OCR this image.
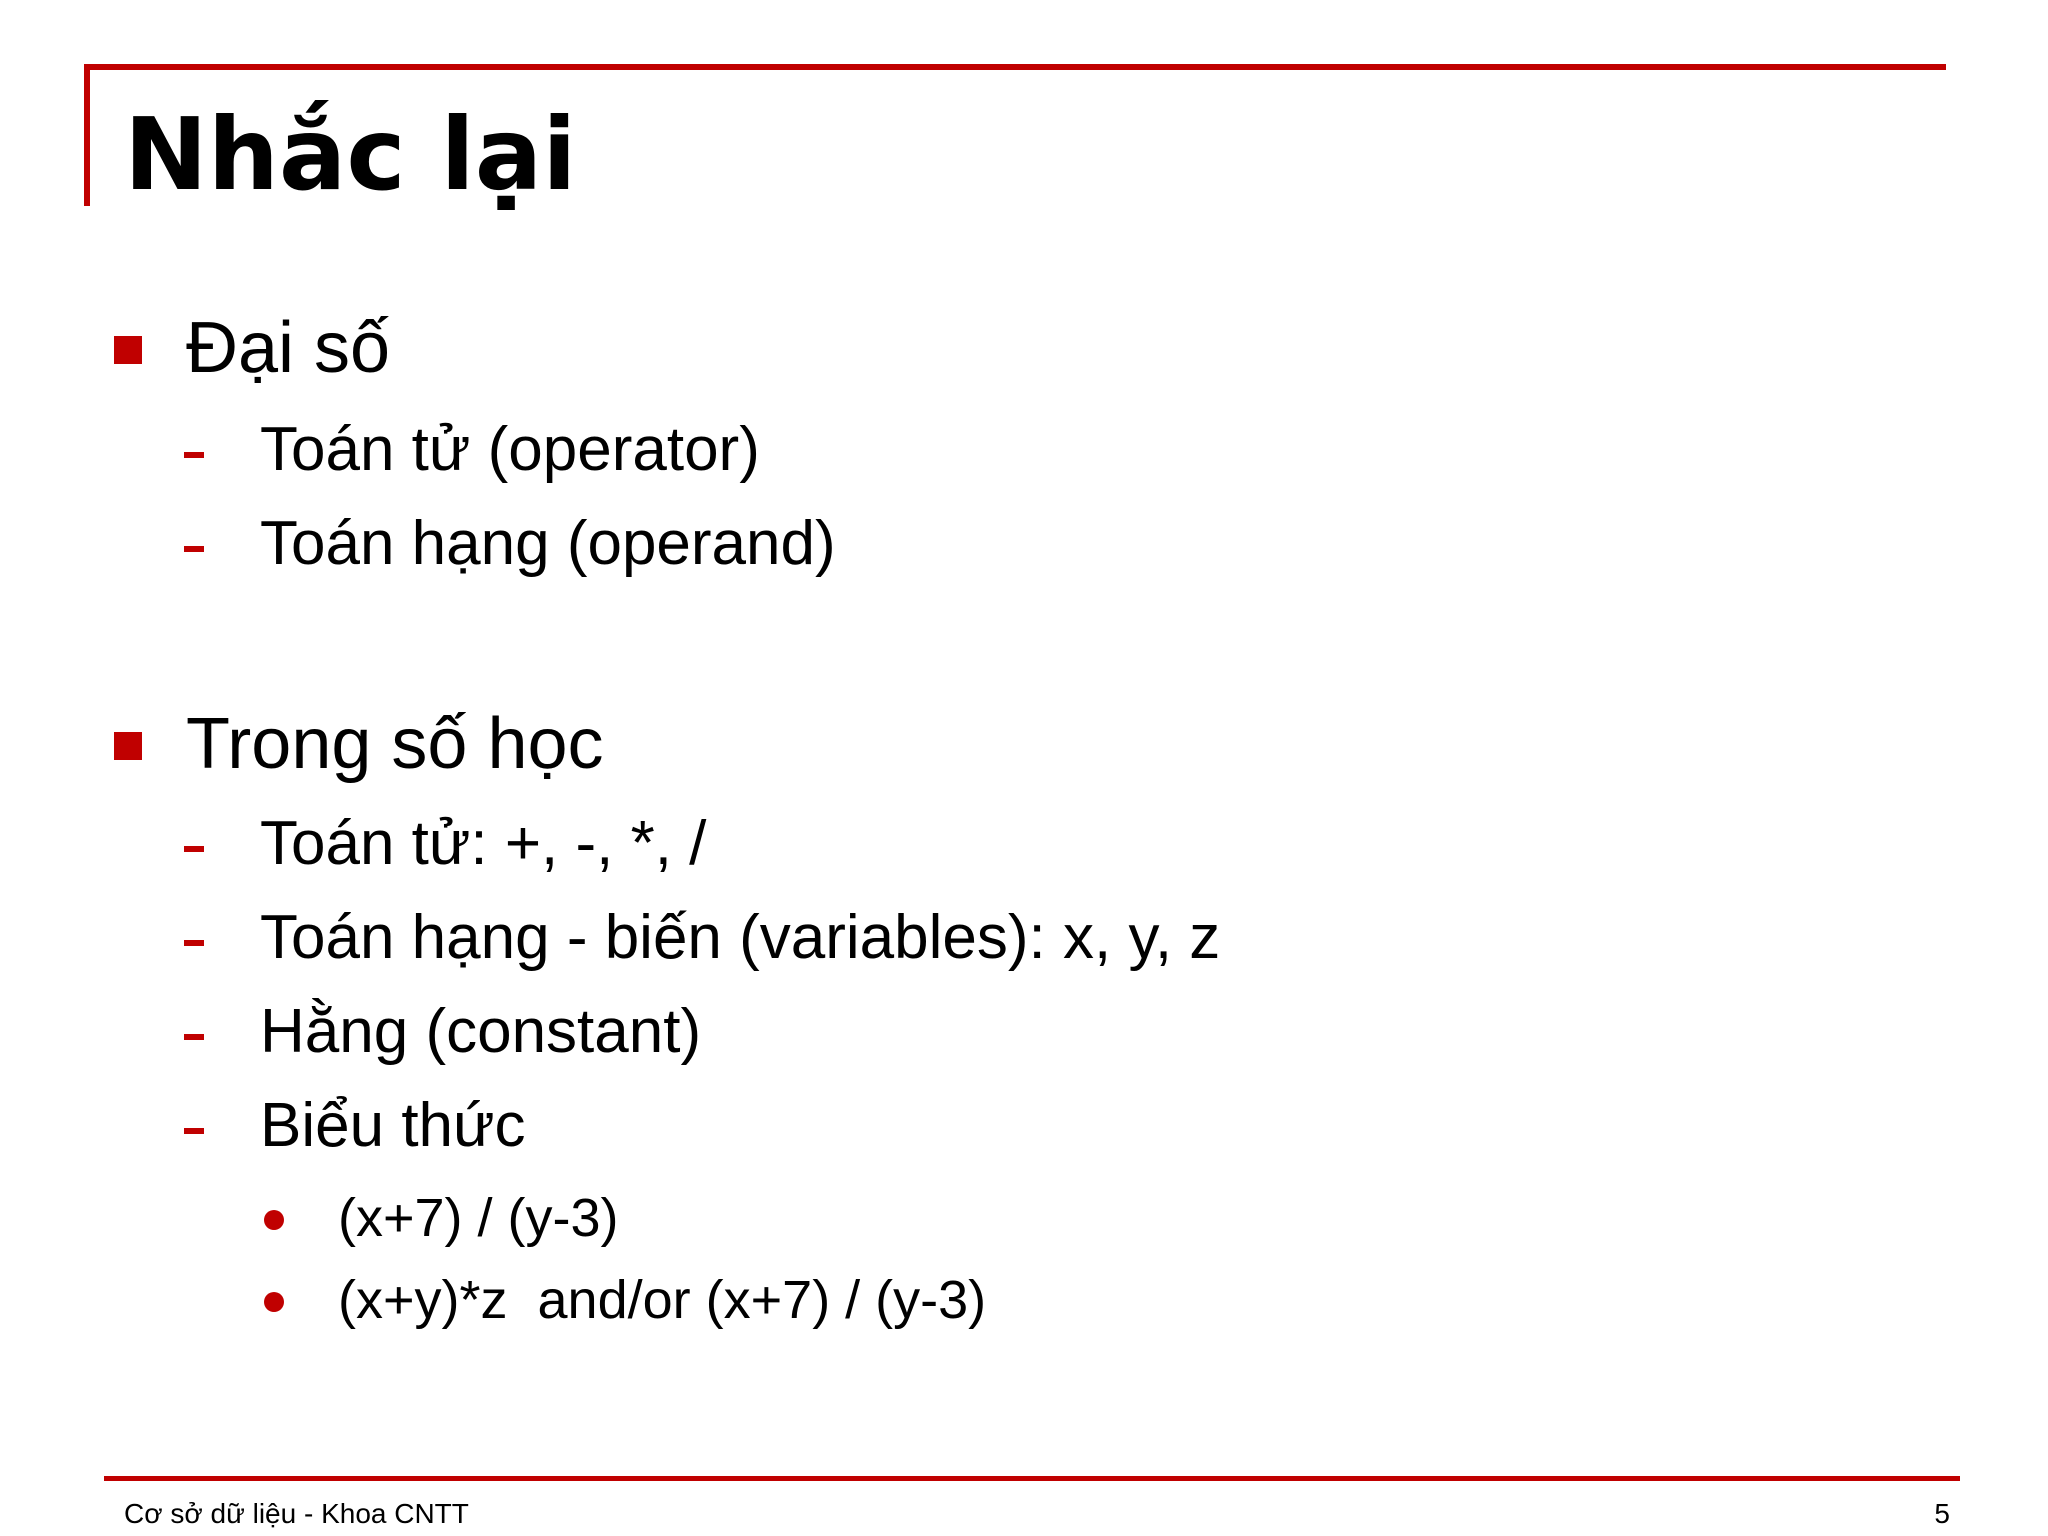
Nhắc lại
Đại số
Toán tử (operator)
Toán hạng (operand)
Trong số học
Toán tử: +, -, *, /
Toán hạng - biến (variables): x, y, z
Hằng (constant)
Biểu thức
(x+7) / (y-3)
(x+y)*z  and/or (x+7) / (y-3)
Cơ sở dữ liệu - Khoa CNTT	5
